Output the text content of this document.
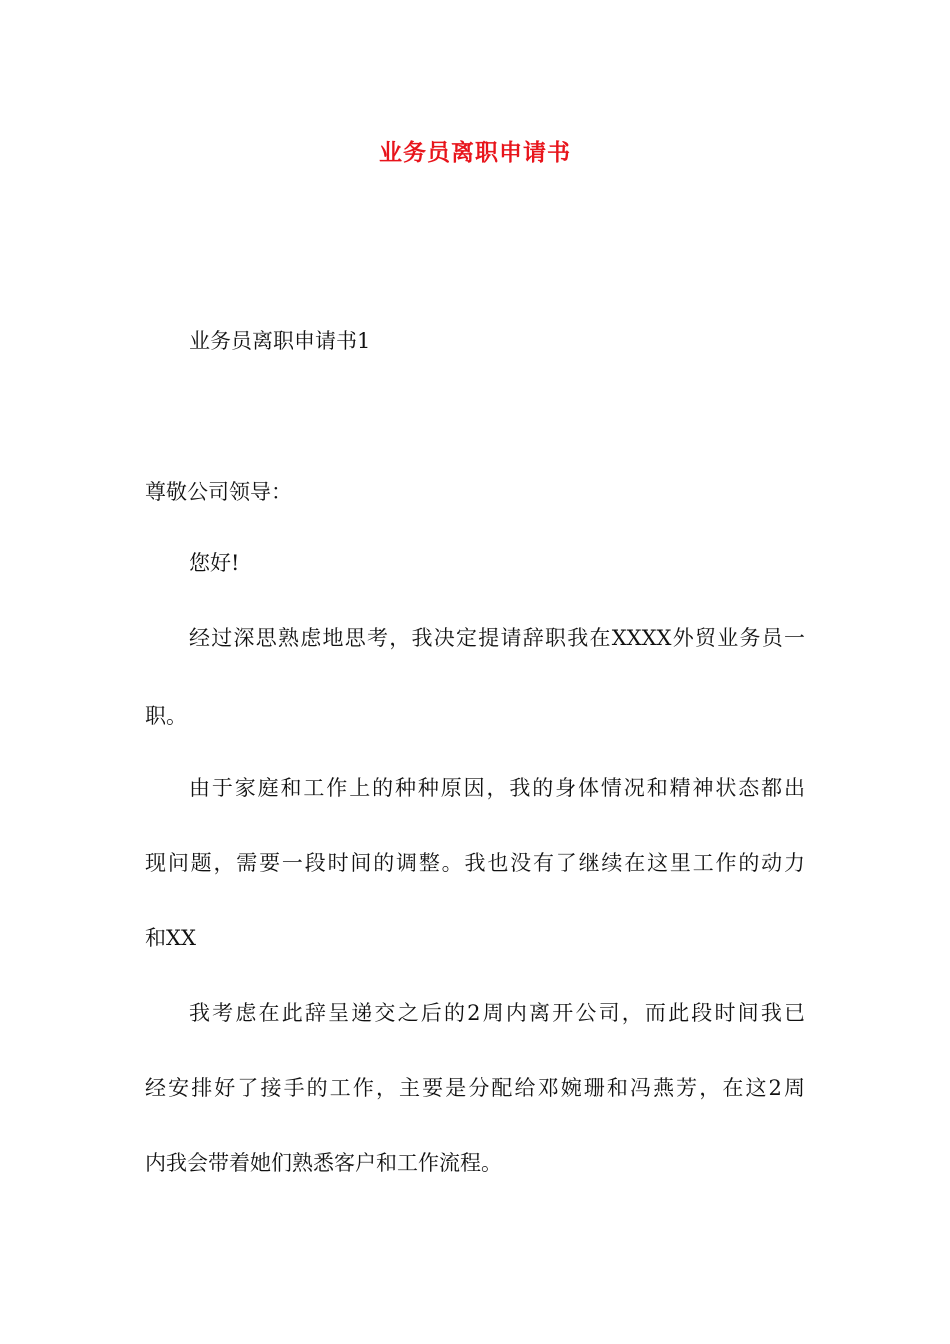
业务员离职申请书

业务员离职申请书1

尊敬公司领导：

您好!

经过深思熟虑地思考，我决定提请辞职我在XXXX外贸业务员一

职。

由于家庭和工作上的种种原因，我的身体情况和精神状态都出

现问题，需要一段时间的调整。我也没有了继续在这里工作的动力

和XX

我考虑在此辞呈递交之后的2周内离开公司，而此段时间我已

经安排好了接手的工作，主要是分配给邓婉珊和冯燕芳，在这2周

内我会带着她们熟悉客户和工作流程。
